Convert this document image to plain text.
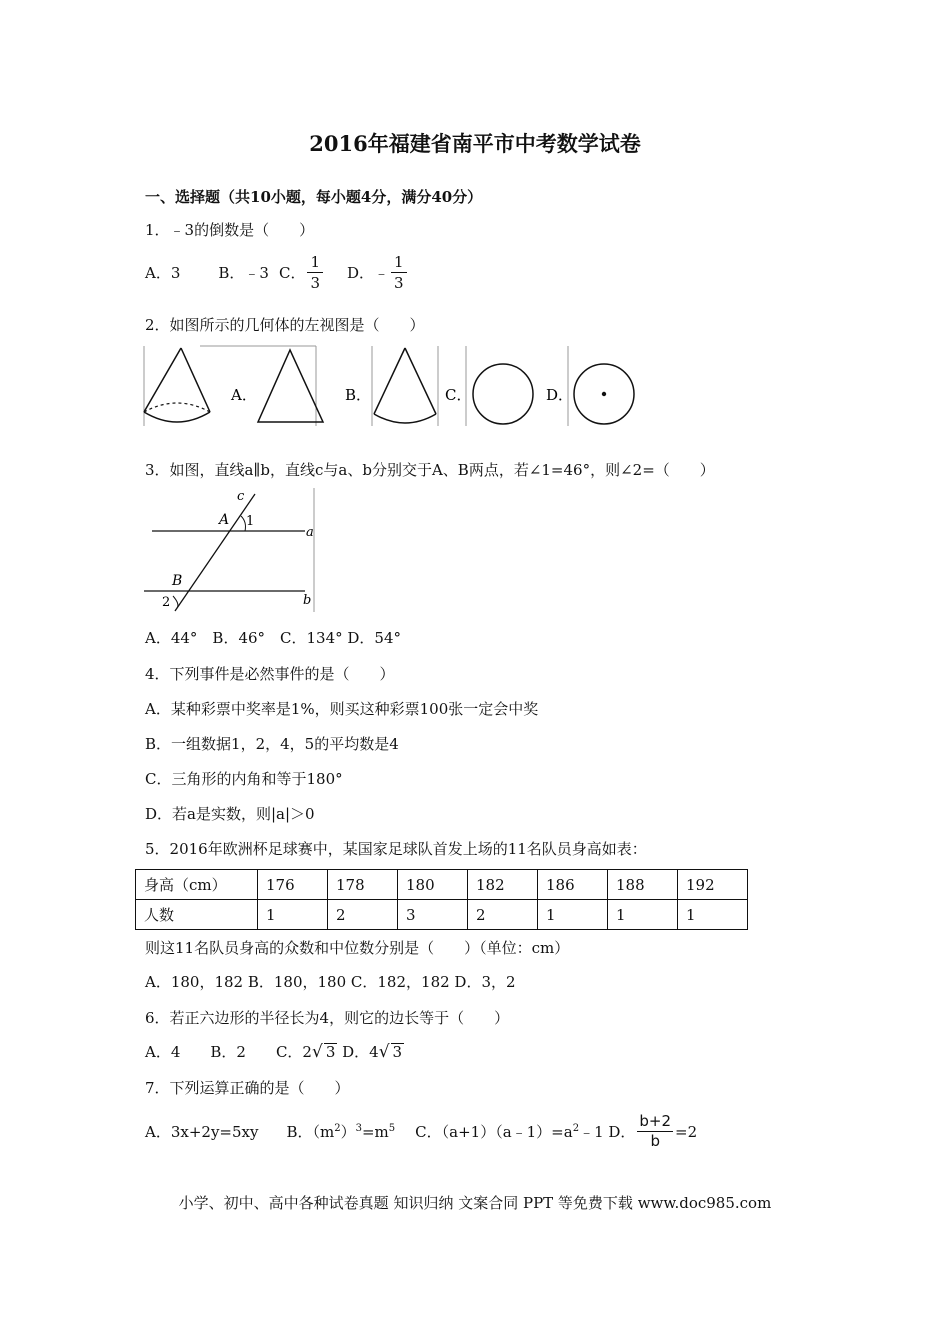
2016年福建省南平市中考数学试卷
一、选择题（共10小题，每小题4分，满分40分）
1．﹣3的倒数是（　　）
A．3	B．﹣3 C． $\frac{1}{3}$ D．﹣ $\frac{1}{3}$
2．如图所示的几何体的左视图是（　　）
A．	B．	C．	D．
3．如图，直线a∥b，直线c与a、b分别交于A、B两点，若∠1=46°，则∠2=（　　）
c
A 1
a
B
2	b
A．44°　B．46°　C．134° D．54°
4．下列事件是必然事件的是（　　）
A．某种彩票中奖率是1%，则买这种彩票100张一定会中奖
B．一组数据1，2，4，5的平均数是4
C．三角形的内角和等于180°
D．若a是实数，则|a|＞0
5．2016年欧洲杯足球赛中，某国家足球队首发上场的11名队员身高如表：
身高（cm）	176	178	180	182	186	188	192
人数	1	2	3	2	1	1	1
则这11名队员身高的众数和中位数分别是（　　）（单位：cm）
A．180，182 B．180，180 C．182，182 D．3，2
6．若正六边形的半径长为4，则它的边长等于（　　）
A．4　　B．2　　C．2√ 3 D．4√ 3
7．下列运算正确的是（　　）
A．3x+2y=5xy B．$(m^2)^3=m^5$ C．$(a+1)(a﹣1)=a^2﹣1$ D． $\frac{b+2}{b} =2$
小学、初中、高中各种试卷真题 知识归纳 文案合同 PPT 等免费下载 www.doc985.com
